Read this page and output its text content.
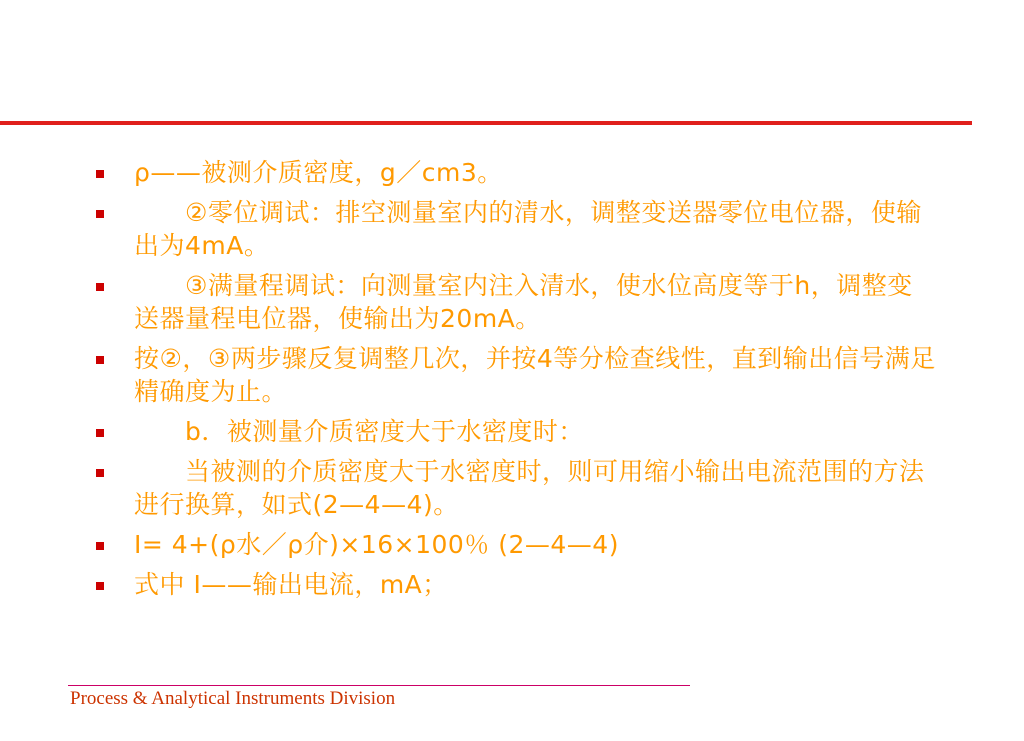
ρ——被测介质密度，g／cm3。
　　②零位调试：排空测量室内的清水，调整变送器零位电位器，使输出为4mA。
　　③满量程调试：向测量室内注入清水，使水位高度等于h，调整变送器量程电位器，使输出为20mA。
按②，③两步骤反复调整几次，并按4等分检查线性，直到输出信号满足精确度为止。
　　b．被测量介质密度大于水密度时：
　　当被测的介质密度大于水密度时，则可用缩小输出电流范围的方法进行换算，如式(2—4—4)。
I= 4+(ρ水／ρ介)×16×100％ (2—4—4)
式中 I——输出电流，mA；
Process & Analytical Instruments Division
